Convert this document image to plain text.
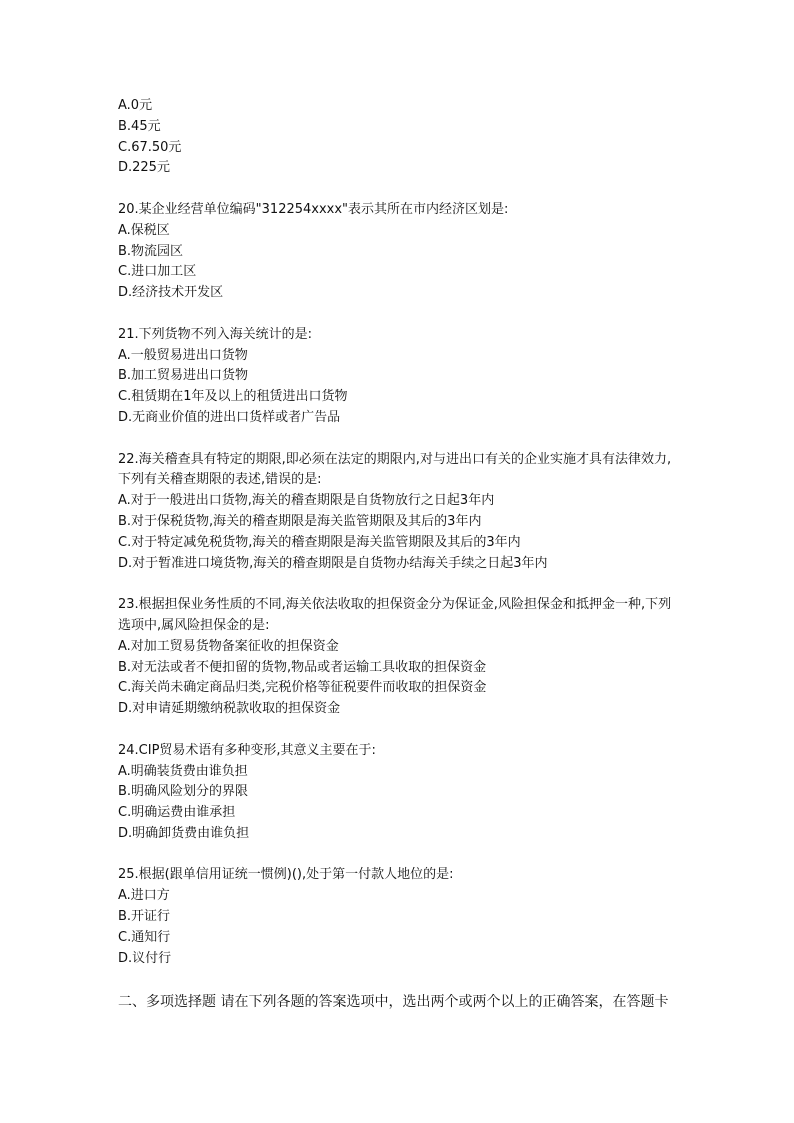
A.0元
B.45元
C.67.50元
D.225元
20.某企业经营单位编码"312254xxxx"表示其所在市内经济区划是:
A.保税区
B.物流园区
C.进口加工区
D.经济技术开发区
21.下列货物不列入海关统计的是:
A.一般贸易进出口货物
B.加工贸易进出口货物
C.租赁期在1年及以上的租赁进出口货物
D.无商业价值的进出口货样或者广告品
22.海关稽查具有特定的期限,即必须在法定的期限内,对与进出口有关的企业实施才具有法律效力,下列有关稽查期限的表述,错误的是:
A.对于一般进出口货物,海关的稽查期限是自货物放行之日起3年内
B.对于保税货物,海关的稽查期限是海关监管期限及其后的3年内
C.对于特定减免税货物,海关的稽查期限是海关监管期限及其后的3年内
D.对于暂准进口境货物,海关的稽查期限是自货物办结海关手续之日起3年内
23.根据担保业务性质的不同,海关依法收取的担保资金分为保证金,风险担保金和抵押金一种,下列选项中,属风险担保金的是:
A.对加工贸易货物备案征收的担保资金
B.对无法或者不便扣留的货物,物品或者运输工具收取的担保资金
C.海关尚未确定商品归类,完税价格等征税要件而收取的担保资金
D.对申请延期缴纳税款收取的担保资金
24.CIP贸易术语有多种变形,其意义主要在于:
A.明确装货费由谁负担
B.明确风险划分的界限
C.明确运费由谁承担
D.明确卸货费由谁负担
25.根据(跟单信用证统一惯例)(),处于第一付款人地位的是:
A.进口方
B.开证行
C.通知行
D.议付行
二、多项选择题 请在下列各题的答案选项中，选出两个或两个以上的正确答案，在答题卡
